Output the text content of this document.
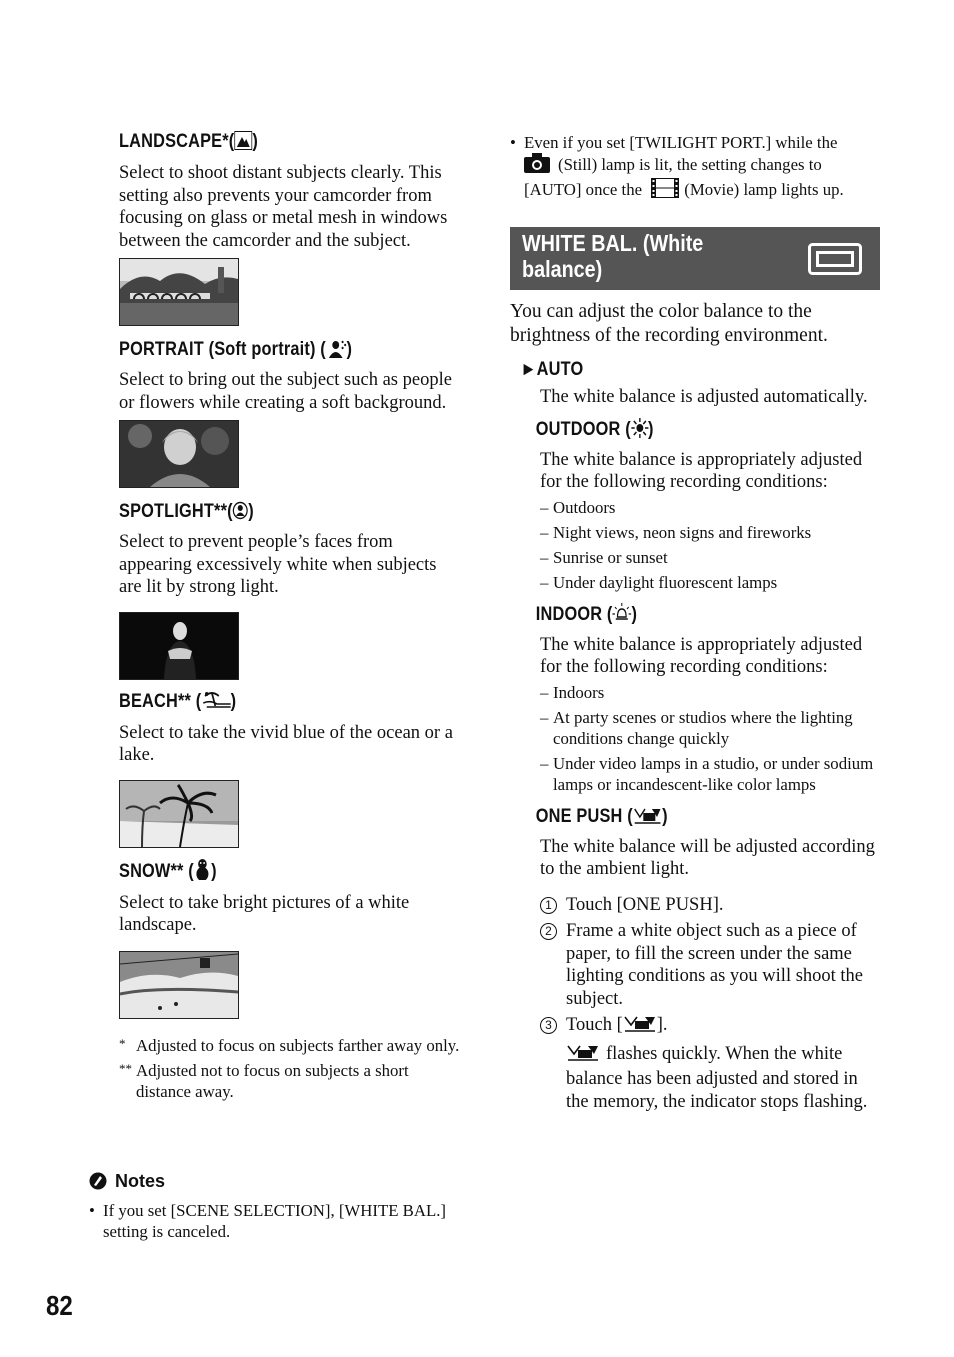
LANDSCAPE*( )

Select to shoot distant subjects clearly. This setting also prevents your camcorder from focusing on glass or metal mesh in windows between the camcorder and the subject.

PORTRAIT (Soft portrait) ( )

Select to bring out the subject such as people or flowers while creating a soft background.

SPOTLIGHT**( )

Select to prevent people’s faces from appearing excessively white when subjects are lit by strong light.

BEACH** ( )

Select to take the vivid blue of the ocean or a lake.

SNOW** ( )

Select to take bright pictures of a white landscape.

* Adjusted to focus on subjects farther away only.

** Adjusted not to focus on subjects a short distance away.

Notes

• If you set [SCENE SELECTION], [WHITE BAL.] setting is canceled.

• Even if you set [TWILIGHT PORT.] while the
(Still) lamp is lit, the setting changes to [AUTO] once the	(Movie) lamp lights up.

WHITE BAL. (White balance)

You can adjust the color balance to the brightness of the recording environment.

►AUTO

The white balance is adjusted automatically.

OUTDOOR ( )

The white balance is appropriately adjusted for the following recording conditions:

– Outdoors

– Night views, neon signs and fireworks

– Sunrise or sunset

– Under daylight fluorescent lamps

INDOOR ( )

The white balance is appropriately adjusted for the following recording conditions:

– Indoors

– At party scenes or studios where the lighting conditions change quickly

– Under video lamps in a studio, or under sodium lamps or incandescent-like color lamps

ONE PUSH ( )

The white balance will be adjusted according to the ambient light.

1 Touch [ONE PUSH].

2 Frame a white object such as a piece of paper, to fill the screen under the same lighting conditions as you will shoot the subject.

3 Touch [ ].

flashes quickly. When the white balance has been adjusted and stored in the memory, the indicator stops flashing.

82
